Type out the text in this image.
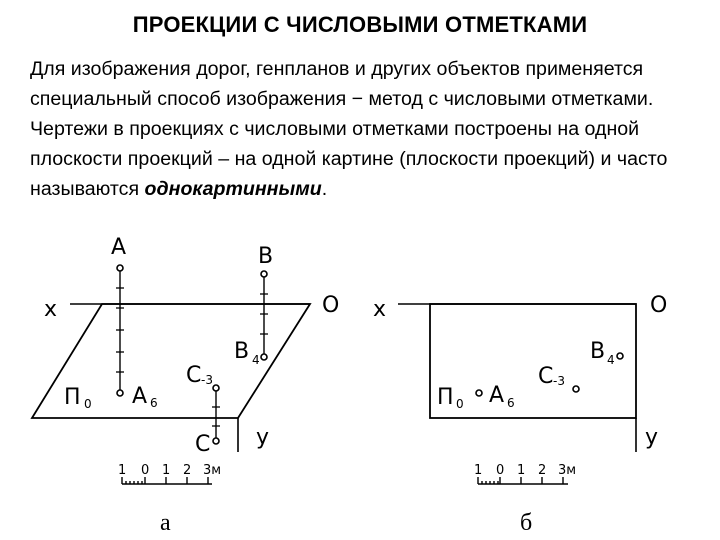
ПРОЕКЦИИ С ЧИСЛОВЫМИ ОТМЕТКАМИ

Для изображения дорог, генпланов и других объектов применяется специальный способ изображения − метод с числовыми отметками.

Чертежи в проекциях с числовыми отметками построены на одной плоскости проекций – на одной картине (плоскости проекций) и часто называются однокартинными.

x	O
y
П 0
A
A 6
B
B 4
C -3
C
1 0 1 2 3м
а
x	O
y
П 0 A 6
B 4
C -3
1 0 1 2 3м
б
